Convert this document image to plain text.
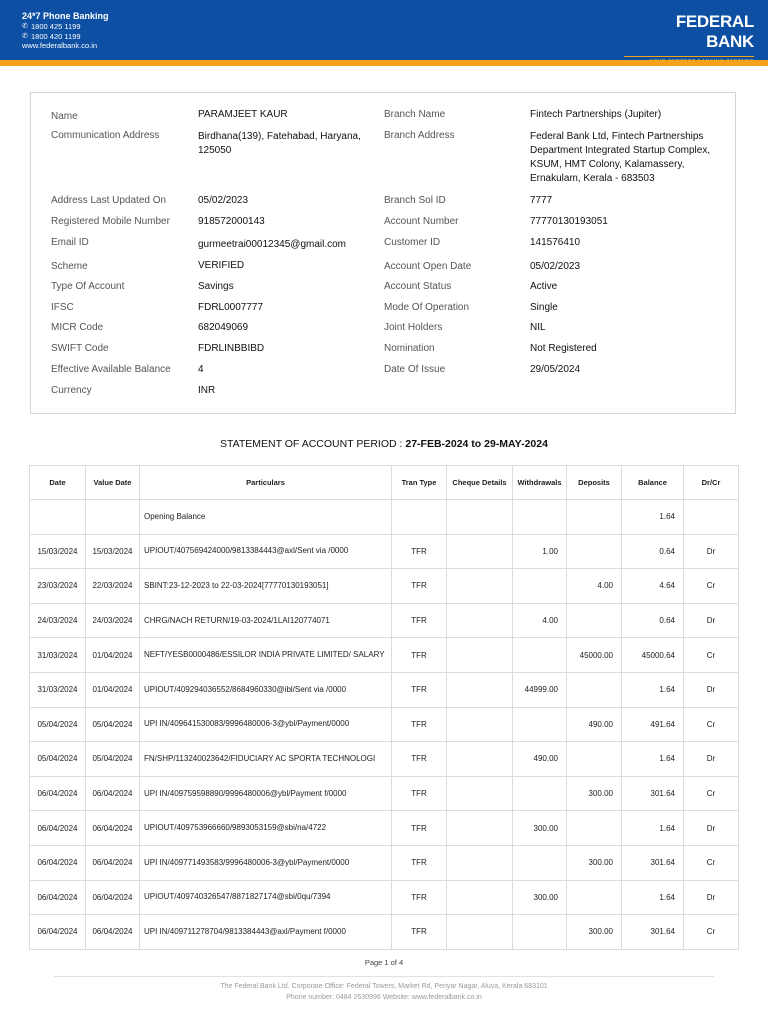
24*7 Phone Banking
✆ 1800 425 1199
✆ 1800 420 1199
www.federalbank.co.in
FEDERAL BANK
Name	PARAMJEET KAUR
Communication Address	Birdhana(139), Fatehabad, Haryana, 125050
Address Last Updated On	05/02/2023
Registered Mobile Number	918572000143
Email ID	gurmeetrai00012345@gmail.com
Scheme	VERIFIED
Type Of Account	Savings
IFSC	FDRL0007777
MICR Code	682049069
SWIFT Code	FDRLINBBIBD
Effective Available Balance	4
Currency	INR
Branch Name	Fintech Partnerships (Jupiter)
Branch Address	Federal Bank Ltd, Fintech Partnerships Department Integrated Startup Complex, KSUM, HMT Colony, Kalamassery, Ernakulam, Kerala - 683503
Branch Sol ID	7777
Account Number	77770130193051
Customer ID	141576410
Account Open Date	05/02/2023
Account Status	Active
Mode Of Operation	Single
Joint Holders	NIL
Nomination	Not Registered
Date Of Issue	29/05/2024
STATEMENT OF ACCOUNT PERIOD : 27-FEB-2024 to 29-MAY-2024
Date	Value Date	Particulars	Tran Type	Cheque Details	Withdrawals	Deposits	Balance	Dr/Cr
		Opening Balance					1.64	
15/03/2024	15/03/2024	UPIOUT/407569424000/9813384443@axl/Sent via /0000	TFR		1.00		0.64	Dr
23/03/2024	22/03/2024	SBINT:23-12-2023 to 22-03-2024[77770130193051]	TFR			4.00	4.64	Cr
24/03/2024	24/03/2024	CHRG/NACH RETURN/19-03-2024/1LAI120774071	TFR		4.00		0.64	Dr
31/03/2024	01/04/2024	NEFT/YESB0000486/ESSILOR INDIA PRIVATE LIMITED/ SALARY	TFR			45000.00	45000.64	Cr
31/03/2024	01/04/2024	UPIOUT/409294036552/8684960330@ibl/Sent via /0000	TFR		44999.00		1.64	Dr
05/04/2024	05/04/2024	UPI IN/409641530083/9996480006-3@ybl/Payment/0000	TFR			490.00	491.64	Cr
05/04/2024	05/04/2024	FN/SHP/113240023642/FIDUCIARY AC SPORTA TECHNOLOGI	TFR		490.00		1.64	Dr
06/04/2024	06/04/2024	UPI IN/409759598890/9996480006@ybl/Payment f/0000	TFR			300.00	301.64	Cr
06/04/2024	06/04/2024	UPIOUT/409753966660/9893053159@sbi/na/4722	TFR		300.00		1.64	Dr
06/04/2024	06/04/2024	UPI IN/409771493583/9996480006-3@ybl/Payment/0000	TFR			300.00	301.64	Cr
06/04/2024	06/04/2024	UPIOUT/409740326547/8871827174@sbi/0qu/7394	TFR		300.00		1.64	Dr
06/04/2024	06/04/2024	UPI IN/409711278704/9813384443@axl/Payment f/0000	TFR			300.00	301.64	Cr
Page 1 of 4
The Federal Bank Ltd. Corporate Office: Federal Towers, Market Rd, Periyar Nagar, Aluva, Kerala 683101
Phone number: 0484 2630996 Website: www.federalbank.co.in
